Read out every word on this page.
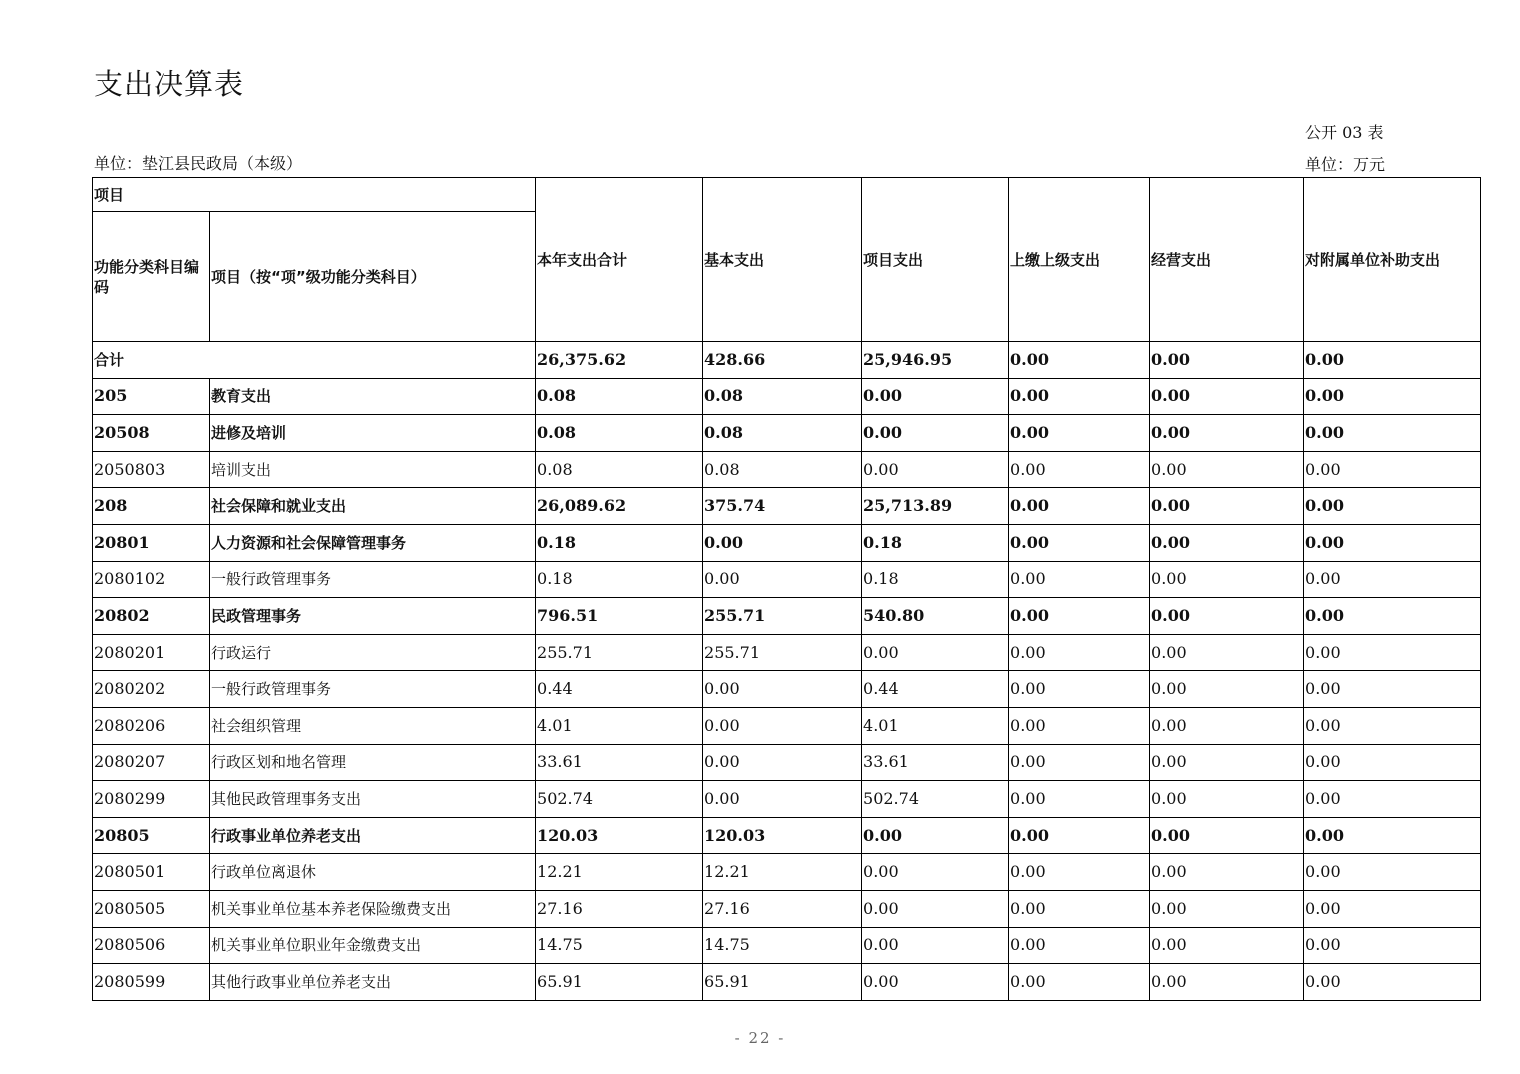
支出决算表
公开 03 表
单位：垫江县民政局（本级）	单位：万元
项目		本年支出合计	基本支出	项目支出	上缴上级支出	经营支出	对附属单位补助支出
功能分类科目编码	项目（按“项”级功能分类科目）						
合计		26,375.62	428.66	25,946.95	0.00	0.00	0.00
205	教育支出	0.08	0.08	0.00	0.00	0.00	0.00
20508	进修及培训	0.08	0.08	0.00	0.00	0.00	0.00
2050803	培训支出	0.08	0.08	0.00	0.00	0.00	0.00
208	社会保障和就业支出	26,089.62	375.74	25,713.89	0.00	0.00	0.00
20801	人力资源和社会保障管理事务	0.18	0.00	0.18	0.00	0.00	0.00
2080102	一般行政管理事务	0.18	0.00	0.18	0.00	0.00	0.00
20802	民政管理事务	796.51	255.71	540.80	0.00	0.00	0.00
2080201	行政运行	255.71	255.71	0.00	0.00	0.00	0.00
2080202	一般行政管理事务	0.44	0.00	0.44	0.00	0.00	0.00
2080206	社会组织管理	4.01	0.00	4.01	0.00	0.00	0.00
2080207	行政区划和地名管理	33.61	0.00	33.61	0.00	0.00	0.00
2080299	其他民政管理事务支出	502.74	0.00	502.74	0.00	0.00	0.00
20805	行政事业单位养老支出	120.03	120.03	0.00	0.00	0.00	0.00
2080501	行政单位离退休	12.21	12.21	0.00	0.00	0.00	0.00
2080505	机关事业单位基本养老保险缴费支出	27.16	27.16	0.00	0.00	0.00	0.00
2080506	机关事业单位职业年金缴费支出	14.75	14.75	0.00	0.00	0.00	0.00
2080599	其他行政事业单位养老支出	65.91	65.91	0.00	0.00	0.00	0.00
- 22 -
